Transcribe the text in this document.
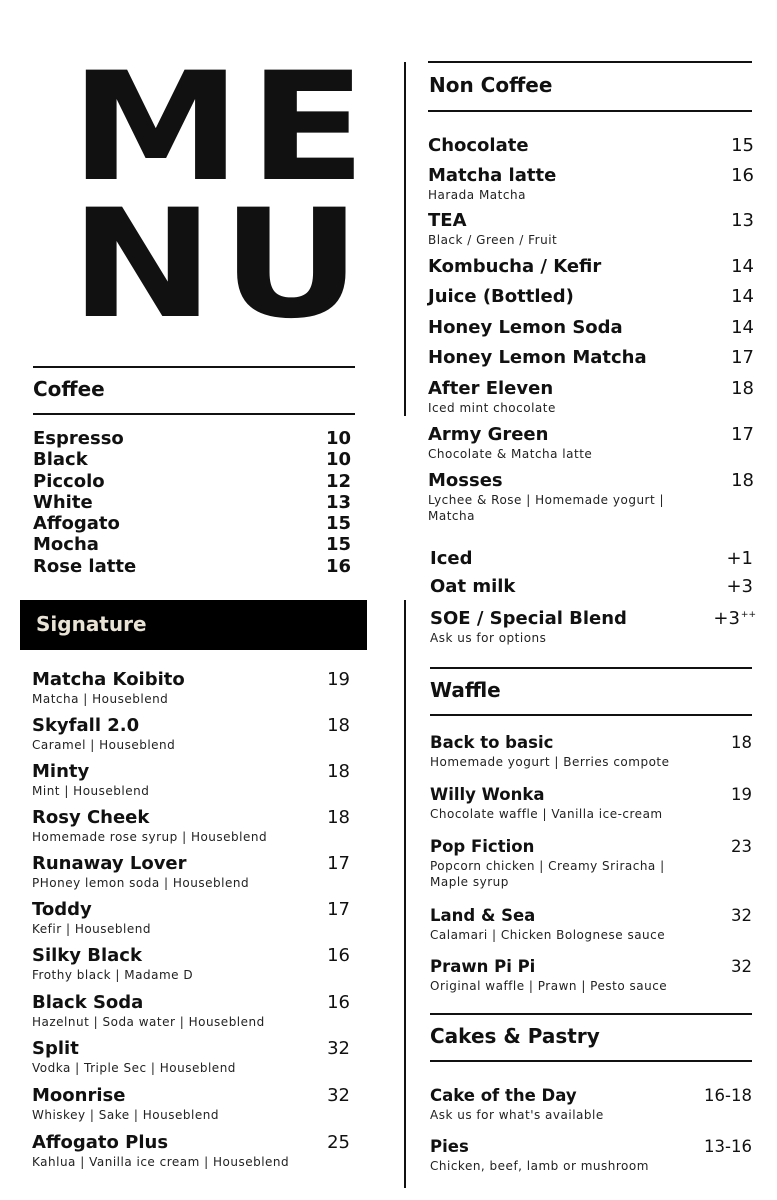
ME
NU
Coffee
Espresso	10
Black	10
Piccolo	12
White	13
Affogato	15
Mocha	15
Rose latte	16
Signature
Matcha Koibito	19
Matcha | Houseblend
Skyfall 2.0	18
Caramel | Houseblend
Minty	18
Mint | Houseblend
Rosy Cheek	18
Homemade rose syrup | Houseblend
Runaway Lover	17
PHoney lemon soda | Houseblend
Toddy	17
Kefir | Houseblend
Silky Black	16
Frothy black | Madame D
Black Soda	16
Hazelnut | Soda water | Houseblend
Split	32
Vodka | Triple Sec | Houseblend
Moonrise	32
Whiskey | Sake | Houseblend
Affogato Plus	25
Kahlua | Vanilla ice cream | Houseblend
Non Coffee
Chocolate	15
Matcha latte	16
Harada Matcha
TEA	13
Black / Green / Fruit
Kombucha / Kefir	14
Juice (Bottled)	14
Honey Lemon Soda	14
Honey Lemon Matcha	17
After Eleven	18
Iced mint chocolate
Army Green	17
Chocolate & Matcha latte
Mosses	18
Lychee & Rose | Homemade yogurt | Matcha
Iced	+1
Oat milk	+3
SOE / Special Blend	+3++
Ask us for options
Waffle
Back to basic	18
Homemade yogurt | Berries compote
Willy Wonka	19
Chocolate waffle | Vanilla ice-cream
Pop Fiction	23
Popcorn chicken | Creamy Sriracha | Maple syrup
Land & Sea	32
Calamari | Chicken Bolognese sauce
Prawn Pi Pi	32
Original waffle | Prawn | Pesto sauce
Cakes & Pastry
Cake of the Day	16-18
Ask us for what's available
Pies	13-16
Chicken, beef, lamb or mushroom
